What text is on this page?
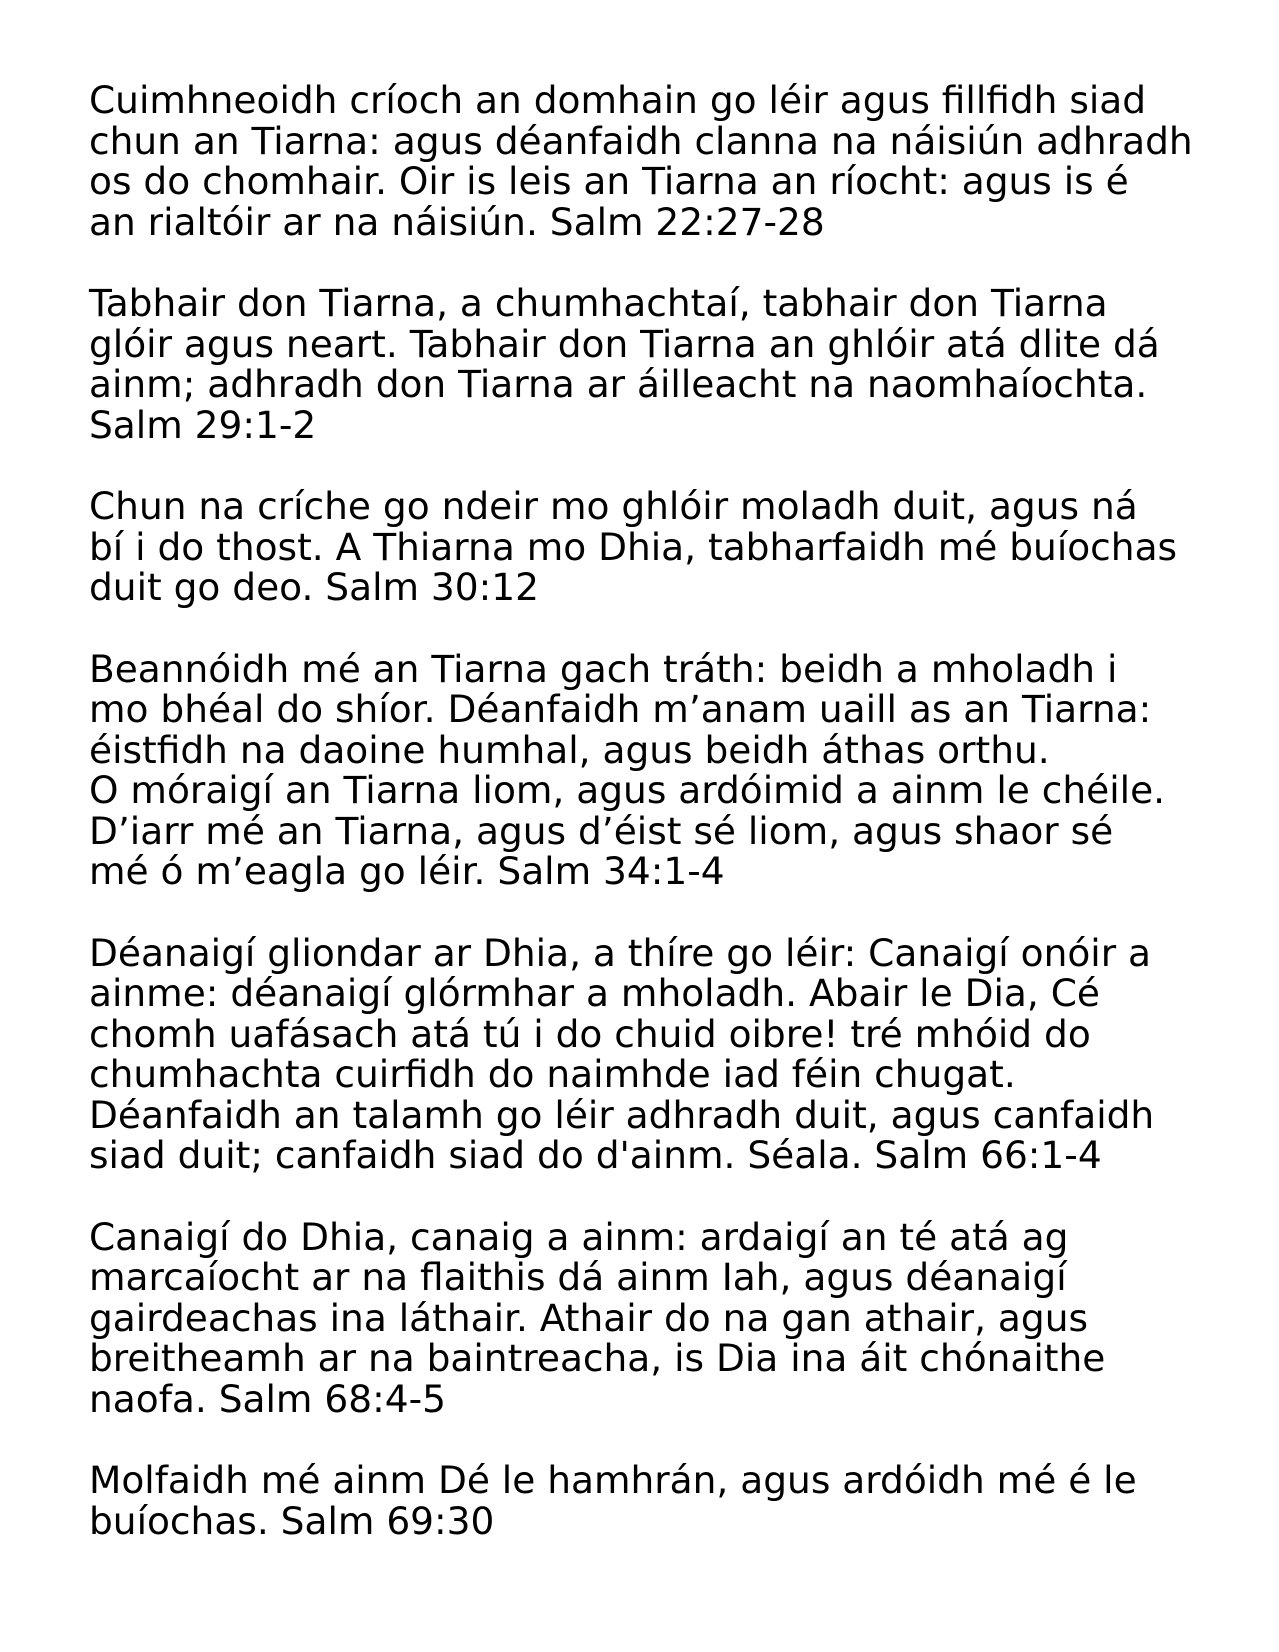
Cuimhneoidh críoch an domhain go léir agus fillfidh siad
chun an Tiarna: agus déanfaidh clanna na náisiún adhradh
os do chomhair. Oir is leis an Tiarna an ríocht: agus is é
an rialtóir ar na náisiún. Salm 22:27-28
Tabhair don Tiarna, a chumhachtaí, tabhair don Tiarna
glóir agus neart. Tabhair don Tiarna an ghlóir atá dlite dá
ainm; adhradh don Tiarna ar áilleacht na naomhaíochta.
Salm 29:1-2
Chun na críche go ndeir mo ghlóir moladh duit, agus ná
bí i do thost. A Thiarna mo Dhia, tabharfaidh mé buíochas
duit go deo. Salm 30:12
Beannóidh mé an Tiarna gach tráth: beidh a mholadh i
mo bhéal do shíor. Déanfaidh m’anam uaill as an Tiarna:
éistfidh na daoine humhal, agus beidh áthas orthu.
O móraigí an Tiarna liom, agus ardóimid a ainm le chéile.
D’iarr mé an Tiarna, agus d’éist sé liom, agus shaor sé
mé ó m’eagla go léir. Salm 34:1-4
Déanaigí gliondar ar Dhia, a thíre go léir: Canaigí onóir a
ainme: déanaigí glórmhar a mholadh. Abair le Dia, Cé
chomh uafásach atá tú i do chuid oibre! tré mhóid do
chumhachta cuirfidh do naimhde iad féin chugat.
Déanfaidh an talamh go léir adhradh duit, agus canfaidh
siad duit; canfaidh siad do d'ainm. Séala. Salm 66:1-4
Canaigí do Dhia, canaig a ainm: ardaigí an té atá ag
marcaíocht ar na flaithis dá ainm Iah, agus déanaigí
gairdeachas ina láthair. Athair do na gan athair, agus
breitheamh ar na baintreacha, is Dia ina áit chónaithe
naofa. Salm 68:4-5
Molfaidh mé ainm Dé le hamhrán, agus ardóidh mé é le
buíochas. Salm 69:30
